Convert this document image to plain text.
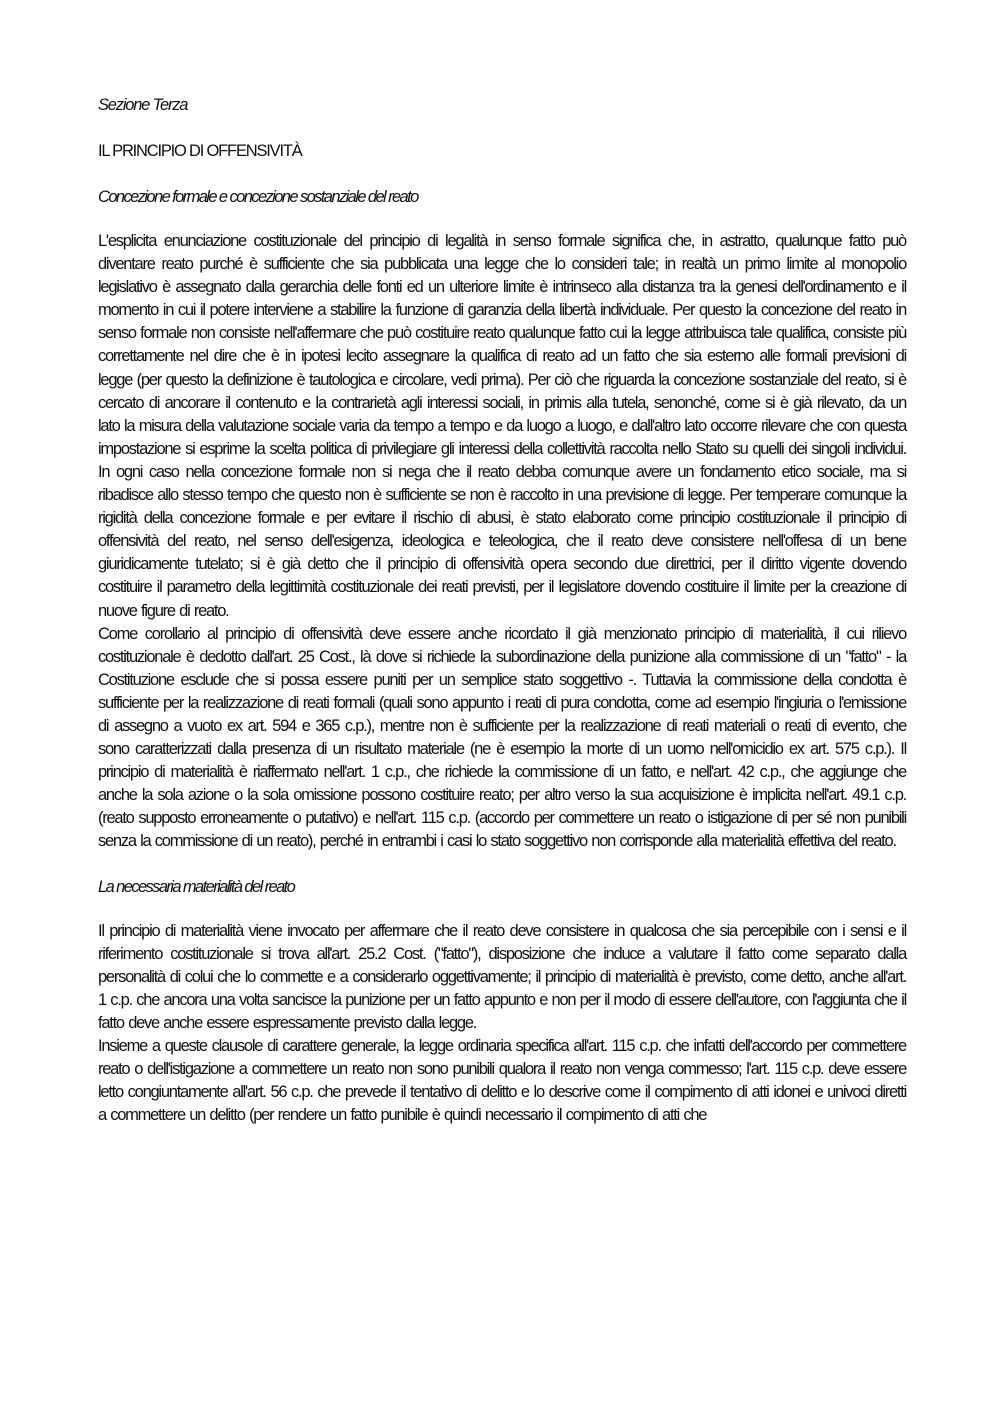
Sezione Terza

IL PRINCIPIO DI OFFENSIVITÀ

Concezione formale e concezione sostanziale del reato

L'esplicita enunciazione costituzionale del principio di legalità in senso formale significa che, in astratto, qualunque fatto può diventare reato purché è sufficiente che sia pubblicata una legge che lo consideri tale; in realtà un primo limite al monopolio legislativo è assegnato dalla gerarchia delle fonti ed un ulteriore limite è intrinseco alla distanza tra la genesi dell'ordinamento e il momento in cui il potere interviene a stabilire la funzione di garanzia della libertà individuale. Per questo la concezione del reato in senso formale non consiste nell'affermare che può costituire reato qualunque fatto cui la legge attribuisca tale qualifica, consiste più correttamente nel dire che è in ipotesi lecito assegnare la qualifica di reato ad un fatto che sia esterno alle formali previsioni di legge (per questo la definizione è tautologica e circolare, vedi prima). Per ciò che riguarda la concezione sostanziale del reato, si è cercato di ancorare il contenuto e la contrarietà agli interessi sociali, in primis alla tutela, senonché, come si è già rilevato, da un lato la misura della valutazione sociale varia da tempo a tempo e da luogo a luogo, e dall'altro lato occorre rilevare che con questa impostazione si esprime la scelta politica di privilegiare gli interessi della collettività raccolta nello Stato su quelli dei singoli individui. In ogni caso nella concezione formale non si nega che il reato debba comunque avere un fondamento etico sociale, ma si ribadisce allo stesso tempo che questo non è sufficiente se non è raccolto in una previsione di legge. Per temperare comunque la rigidità della concezione formale e per evitare il rischio di abusi, è stato elaborato come principio costituzionale il principio di offensività del reato, nel senso dell'esigenza, ideologica e teleologica, che il reato deve consistere nell'offesa di un bene giuridicamente tutelato; si è già detto che il principio di offensività opera secondo due direttrici, per il diritto vigente dovendo costituire il parametro della legittimità costituzionale dei reati previsti, per il legislatore dovendo costituire il limite per la creazione di nuove figure di reato.

Come corollario al principio di offensività deve essere anche ricordato il già menzionato principio di materialità, il cui rilievo costituzionale è dedotto dall'art. 25 Cost., là dove si richiede la subordinazione della punizione alla commissione di un "fatto" - la Costituzione esclude che si possa essere puniti per un semplice stato soggettivo -. Tuttavia la commissione della condotta è sufficiente per la realizzazione di reati formali (quali sono appunto i reati di pura condotta, come ad esempio l'ingiuria o l'emissione di assegno a vuoto ex art. 594 e 365 c.p.), mentre non è sufficiente per la realizzazione di reati materiali o reati di evento, che sono caratterizzati dalla presenza di un risultato materiale (ne è esempio la morte di un uomo nell'omicidio ex art. 575 c.p.). Il principio di materialità è riaffermato nell'art. 1 c.p., che richiede la commissione di un fatto, e nell'art. 42 c.p., che aggiunge che anche la sola azione o la sola omissione possono costituire reato; per altro verso la sua acquisizione è implicita nell'art. 49.1 c.p. (reato supposto erroneamente o putativo) e nell'art. 115 c.p. (accordo per commettere un reato o istigazione di per sé non punibili senza la commissione di un reato), perché in entrambi i casi lo stato soggettivo non corrisponde alla materialità effettiva del reato.

La necessaria materialità del reato

Il principio di materialità viene invocato per affermare che il reato deve consistere in qualcosa che sia percepibile con i sensi e il riferimento costituzionale si trova all'art. 25.2 Cost. ("fatto"), disposizione che induce a valutare il fatto come separato dalla personalità di colui che lo commette e a considerarlo oggettivamente; il principio di materialità è previsto, come detto, anche all'art. 1 c.p. che ancora una volta sancisce la punizione per un fatto appunto e non per il modo di essere dell'autore, con l'aggiunta che il fatto deve anche essere espressamente previsto dalla legge.

Insieme a queste clausole di carattere generale, la legge ordinaria specifica all'art. 115 c.p. che infatti dell'accordo per commettere reato o dell'istigazione a commettere un reato non sono punibili qualora il reato non venga commesso; l'art. 115 c.p. deve essere letto congiuntamente all'art. 56 c.p. che prevede il tentativo di delitto e lo descrive come il compimento di atti idonei e univoci diretti a commettere un delitto (per rendere un fatto punibile è quindi necessario il compimento di atti che
